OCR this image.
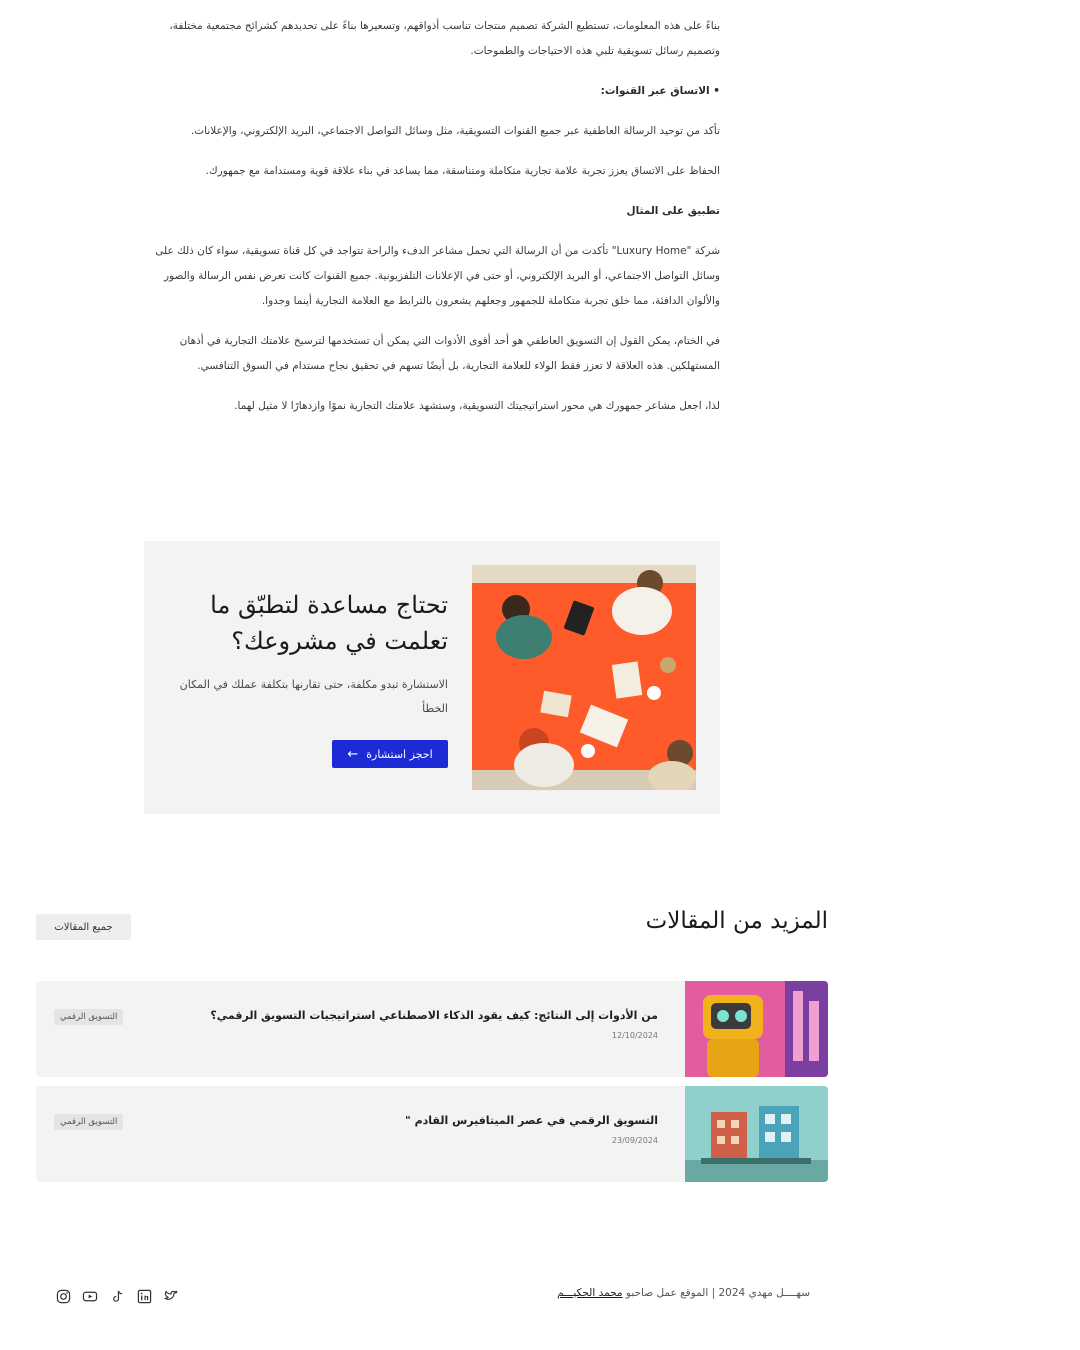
بناءً على هذه المعلومات، تستطيع الشركة تصميم منتجات تناسب أذواقهم، وتسعيرها بناءً على تحديدهم كشرائح مجتمعية مختلفة، وتصميم رسائل تسويقية تلبي هذه الاحتياجات والطموحات.

• الاتساق عبر القنوات:

تأكد من توحيد الرسالة العاطفية عبر جميع القنوات التسويقية، مثل وسائل التواصل الاجتماعي، البريد الإلكتروني، والإعلانات.

الحفاظ على الاتساق يعزز تجربة علامة تجارية متكاملة ومتناسقة، مما يساعد في بناء علاقة قوية ومستدامة مع جمهورك.

تطبيق على المثال

شركة "Luxury Home" تأكدت من أن الرسالة التي تحمل مشاعر الدفء والراحة تتواجد في كل قناة تسويقية، سواء كان ذلك على وسائل التواصل الاجتماعي، أو البريد الإلكتروني، أو حتى في الإعلانات التلفزيونية. جميع القنوات كانت تعرض نفس الرسالة والصور والألوان الدافئة، مما خلق تجربة متكاملة للجمهور وجعلهم يشعرون بالترابط مع العلامة التجارية أينما وجدوا.

في الختام، يمكن القول إن التسويق العاطفي هو أحد أقوى الأدوات التي يمكن أن تستخدمها لترسيخ علامتك التجارية في أذهان المستهلكين. هذه العلاقة لا تعزز فقط الولاء للعلامة التجارية، بل أيضًا تسهم في تحقيق نجاح مستدام في السوق التنافسي.

لذا، اجعل مشاعر جمهورك هي محور استراتيجيتك التسويقية، وستشهد علامتك التجارية نموًا وازدهارًا لا مثيل لهما.

تحتاج مساعدة لتطبّق ما تعلمت في مشروعك؟
الاستشارة تبدو مكلفة، حتى تقارنها بتكلفة عملك في المكان الخطأ
احجز استشارة
←
المزيد من المقالات
جميع المقالات
من الأدوات إلى النتائج: كيف يقود الذكاء الاصطناعي استراتيجيات التسويق الرقمي؟
12/10/2024
التسويق الرقمي
التسويق الرقمي في عصر الميتافيرس القادم "
23/09/2024
التسويق الرقمي
سهــــل مهدي 2024 | الموقع عمل صاحبو محمد الحكيـــم
